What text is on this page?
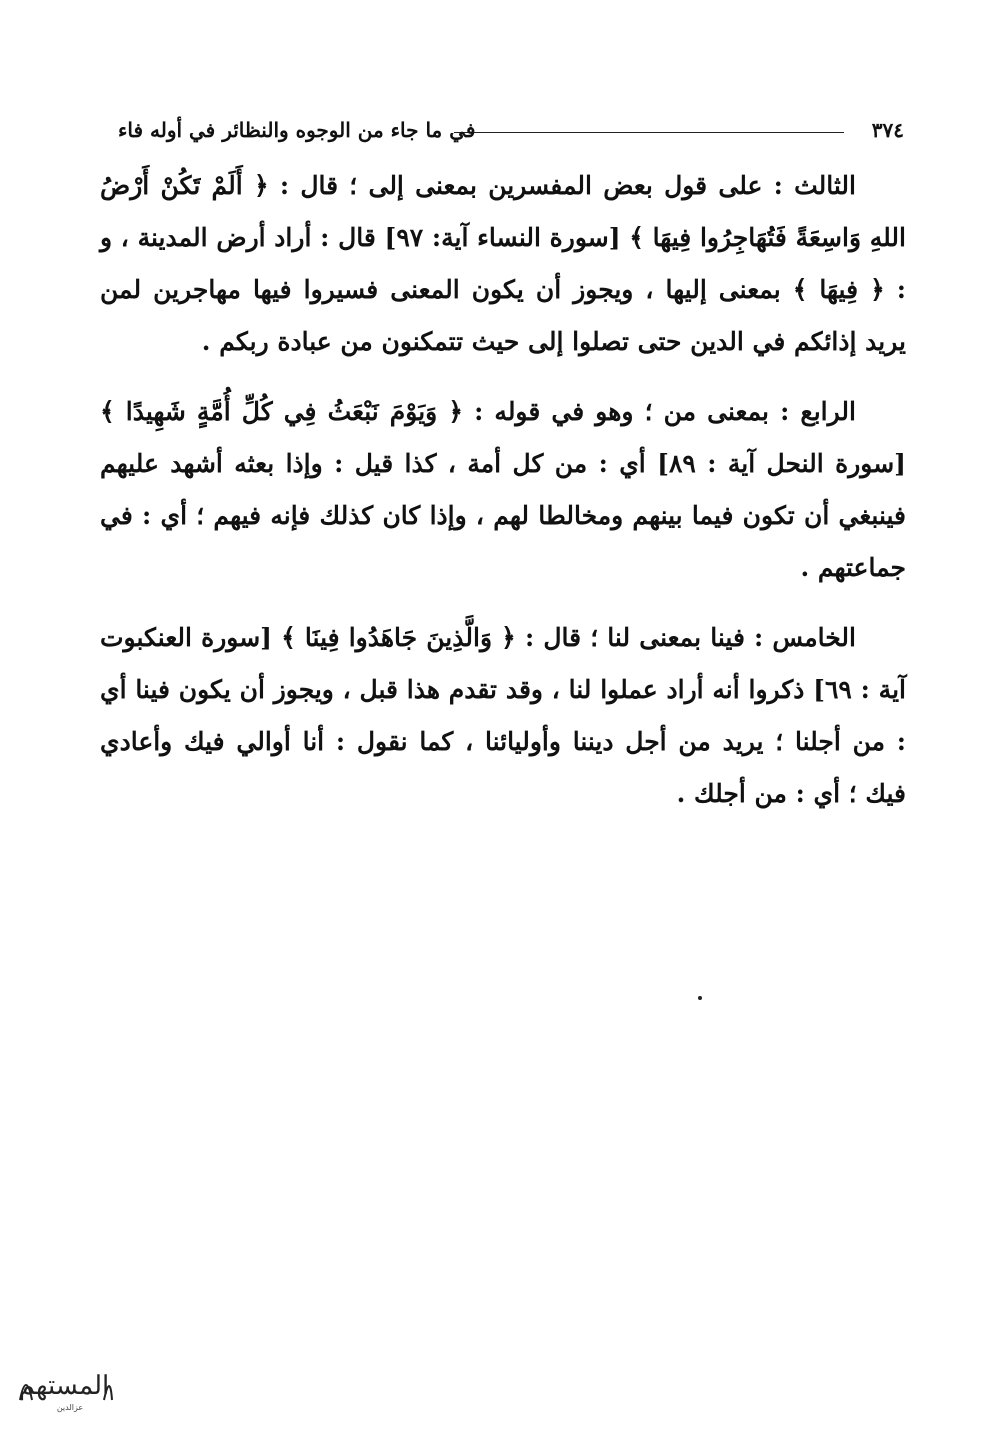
٣٧٤
في ما جاء من الوجوه والنظائر في أوله فاء

الثالث : على قول بعض المفسرين بمعنى إلى ؛ قال : ﴿ أَلَمْ تَكُنْ أَرْضُ اللهِ وَاسِعَةً فَتُهَاجِرُوا فِيهَا ﴾ [سورة النساء آية: ٩٧] قال : أراد أرض المدينة ، و : ﴿ فِيهَا ﴾ بمعنى إليها ، ويجوز أن يكون المعنى فسيروا فيها مهاجرين لمن يريد إذائكم في الدين حتى تصلوا إلى حيث تتمكنون من عبادة ربكم .

الرابع : بمعنى من ؛ وهو في قوله : ﴿ وَيَوْمَ نَبْعَثُ فِي كُلِّ أُمَّةٍ شَهِيدًا ﴾ [سورة النحل آية : ٨٩] أي : من كل أمة ، كذا قيل : وإذا بعثه أشهد عليهم فينبغي أن تكون فيما بينهم ومخالطا لهم ، وإذا كان كذلك فإنه فيهم ؛ أي : في جماعتهم .

الخامس : فينا بمعنى لنا ؛ قال : ﴿ وَالَّذِينَ جَاهَدُوا فِينَا ﴾ [سورة العنكبوت آية : ٦٩] ذكروا أنه أراد عملوا لنا ، وقد تقدم هذا قبل ، ويجوز أن يكون فينا أي : من أجلنا ؛ يريد من أجل ديننا وأوليائنا ، كما نقول : أنا أوالي فيك وأعادي فيك ؛ أي : من أجلك .

المستهم
عزالدين
